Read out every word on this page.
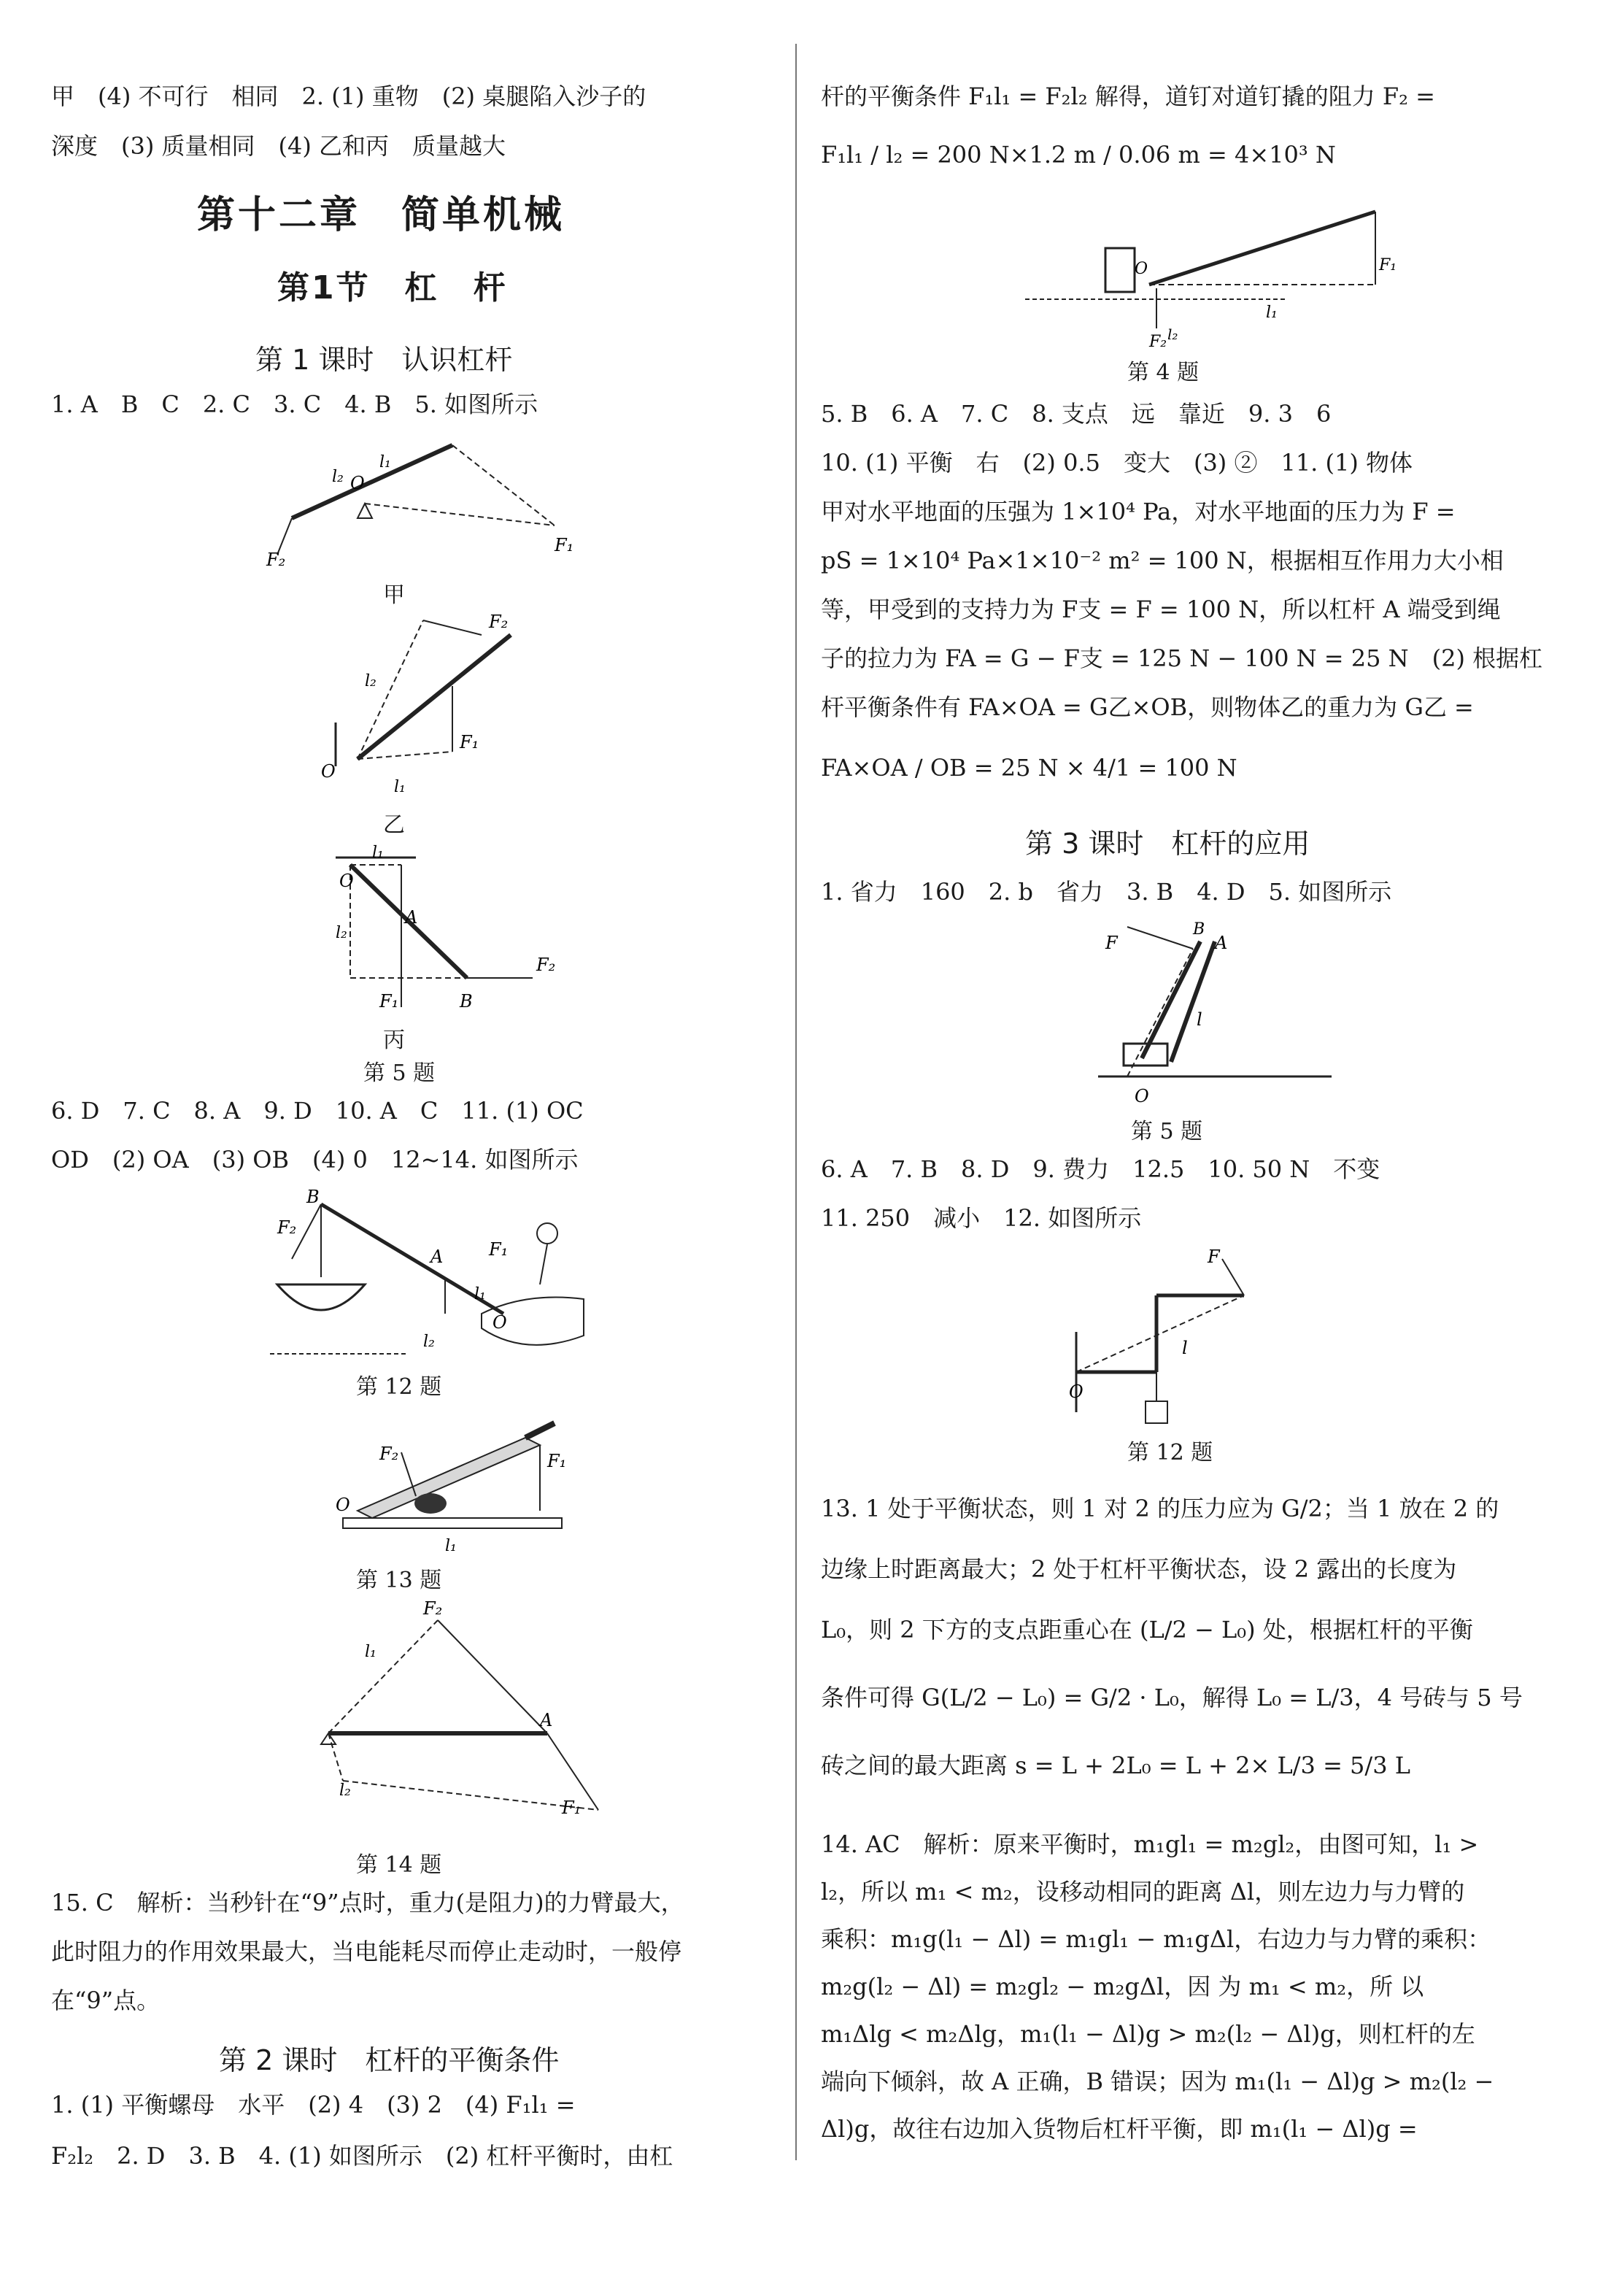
甲　(4) 不可行　相同　2. (1) 重物　(2) 桌腿陷入沙子的
深度　(3) 质量相同　(4) 乙和丙　质量越大
第十二章　简单机械
第1节　杠　杆
第 1 课时　认识杠杆
1. A　B　C　2. C　3. C　4. B　5. 如图所示
F₂
F₁
O
l₁
l₂
甲
O
F₁
F₂
l₂
l₁
乙
O
A
B
F₂
F₁
l₂
l₁
丙
第 5 题
6. D　7. C　8. A　9. D　10. A　C　11. (1) OC
OD　(2) OA　(3) OB　(4) 0　12~14. 如图所示
B
F₂
A	F₁
O
l₁
l₂
第 12 题
O
F₂	F₁
l₁
第 13 题
F₂
A
F₁
l₁
l₂
第 14 题
15. C　解析：当秒针在“9”点时，重力(是阻力)的力臂最大，
此时阻力的作用效果最大，当电能耗尽而停止走动时，一般停
在“9”点。
第 2 课时　杠杆的平衡条件
1. (1) 平衡螺母　水平　(2) 4　(3) 2　(4) F₁l₁ =
F₂l₂　2. D　3. B　4. (1) 如图所示　(2) 杠杆平衡时，由杠
杆的平衡条件 F₁l₁ = F₂l₂ 解得，道钉对道钉撬的阻力 F₂ =
F₁l₁ / l₂ = 200 N×1.2 m / 0.06 m = 4×10³ N
O	F₁
F₂
l₁
l₂
第 4 题
5. B　6. A　7. C　8. 支点　远　靠近　9. 3　6
10. (1) 平衡　右　(2) 0.5　变大　(3) ②　11. (1) 物体
甲对水平地面的压强为 1×10⁴ Pa，对水平地面的压力为 F =
pS = 1×10⁴ Pa×1×10⁻² m² = 100 N，根据相互作用力大小相
等，甲受到的支持力为 F支 = F = 100 N，所以杠杆 A 端受到绳
子的拉力为 FA = G − F支 = 125 N − 100 N = 25 N　(2) 根据杠
杆平衡条件有 FA×OA = G乙×OB，则物体乙的重力为 G乙 =
FA×OA / OB = 25 N × 4/1 = 100 N
第 3 课时　杠杆的应用
1. 省力　160　2. b　省力　3. B　4. D　5. 如图所示
F	A
l
O
B
第 5 题
6. A　7. B　8. D　9. 费力　12.5　10. 50 N　不变
11. 250　减小　12. 如图所示
F
l
O
第 12 题
13. 1 处于平衡状态，则 1 对 2 的压力应为 G/2；当 1 放在 2 的
边缘上时距离最大；2 处于杠杆平衡状态，设 2 露出的长度为
L₀，则 2 下方的支点距重心在 (L/2 − L₀) 处，根据杠杆的平衡
条件可得 G(L/2 − L₀) = G/2 · L₀，解得 L₀ = L/3，4 号砖与 5 号
砖之间的最大距离 s = L + 2L₀ = L + 2× L/3 = 5/3 L
14. AC　解析：原来平衡时，m₁gl₁ = m₂gl₂，由图可知，l₁ >
l₂，所以 m₁ < m₂，设移动相同的距离 Δl，则左边力与力臂的
乘积：m₁g(l₁ − Δl) = m₁gl₁ − m₁gΔl，右边力与力臂的乘积：
m₂g(l₂ − Δl) = m₂gl₂ − m₂gΔl，因 为 m₁ < m₂，所 以
m₁Δlg < m₂Δlg，m₁(l₁ − Δl)g > m₂(l₂ − Δl)g，则杠杆的左
端向下倾斜，故 A 正确，B 错误；因为 m₁(l₁ − Δl)g > m₂(l₂ −
Δl)g，故往右边加入货物后杠杆平衡，即 m₁(l₁ − Δl)g =
